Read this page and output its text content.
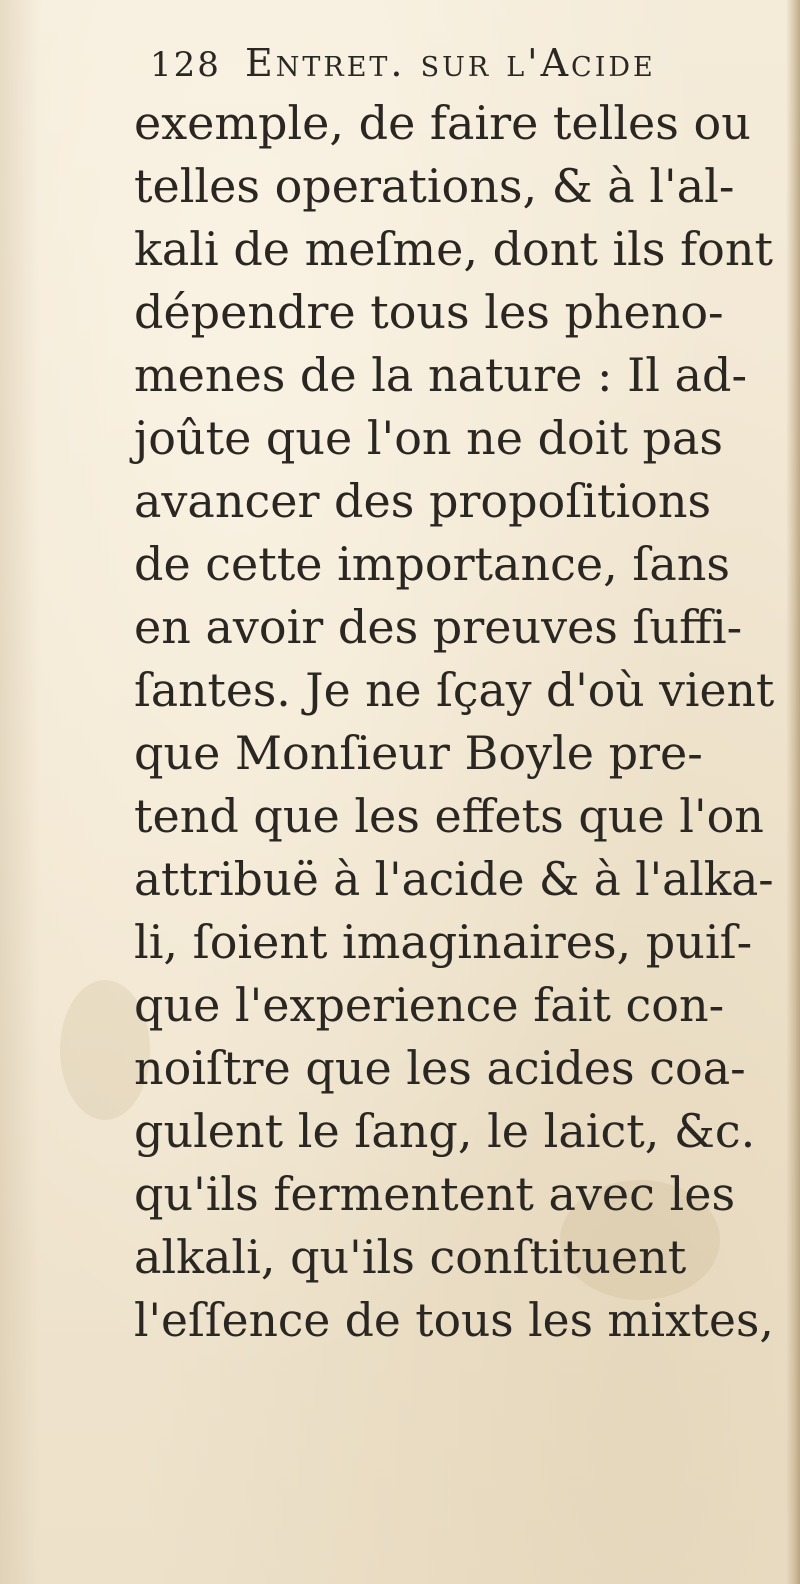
128 Entret. sur l'Acide
exemple, de faire telles ou
telles operations, & à l'al-
kali de meſme, dont ils font
dépendre tous les pheno-
menes de la nature : Il ad-
joûte que l'on ne doit pas
avancer des propoſitions
de cette importance, ſans
en avoir des preuves ſuffi-
ſantes. Je ne ſçay d'où vient
que Monſieur Boyle pre-
tend que les effets que l'on
attribuë à l'acide & à l'alka-
li, ſoient imaginaires, puiſ-
que l'experience fait con-
noiſtre que les acides coa-
gulent le ſang, le laict, &c.
qu'ils fermentent avec les
alkali, qu'ils conſtituent
l'eſſence de tous les mixtes,
